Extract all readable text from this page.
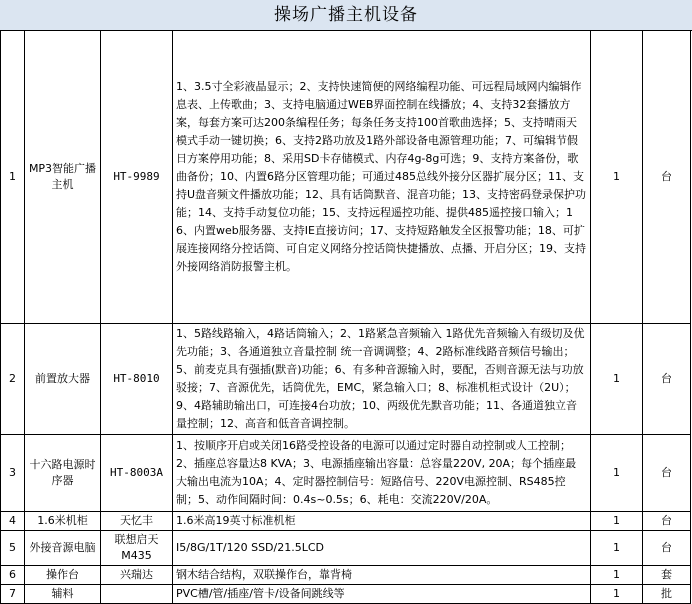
操场广播主机设备
1	MP3智能广播主机	HT-9989	1、3.5寸全彩液晶显示；2、支持快速简便的网络编程功能、可远程局域网内编辑作息表、上传歌曲；3、支持电脑通过WEB界面控制在线播放；4、支持32套播放方案，每套方案可达200条编程任务；每条任务支持100首歌曲选择；5、支持晴雨天模式手动一键切换；6、支持2路功放及1路外部设备电源管理功能；7、可编辑节假日方案停用功能；8、采用SD卡存储模式、内存4g-8g可选；9、支持方案备份，歌曲备份；10、内置6路分区管理功能；可通过485总线外接分区器扩展分区；11、支持U盘音频文件播放功能；12、具有话筒默音、混音功能；13、支持密码登录保护功能；14、支持手动复位功能；15、支持远程遥控功能、提供485遥控接口输入；16、内置web服务器、支持IE直接访问；17、支持短路触发全区报警功能；18、可扩展连接网络分控话筒、可自定义网络分控话筒快捷播放、点播、开启分区；19、支持外接网络消防报警主机。	1	台
2	前置放大器	HT-8010	1、5路线路输入，4路话筒输入；2、1路紧急音频输入 1路优先音频输入有级切及优先功能；3、各通道独立音量控制 统一音调调整；4、2路标准线路音频信号输出；5、前麦克具有强插(默音)功能；6、有多种音源输入时，要配，否则音源无法与功放驳接；7、音源优先，话筒优先，EMC，紧急输入口；8、标准机柜式设计（2U）；9、4路辅助输出口，可连接4台功放；10、两级优先默音功能；11、各通道独立音量控制；12、高音和低音音调控制。	1	台
3	十六路电源时序器	HT-8003A	1、按顺序开启或关闭16路受控设备的电源可以通过定时器自动控制或人工控制；2、插座总容量达8 KVA；3、电源插座输出容量：总容量220V, 20A；每个插座最大输出电流为10A；4、定时器控制信号：短路信号、220V电源控制、RS485控制；5、动作间隔时间：0.4s~0.5s；6、耗电：交流220V/20A。	1	台
4	1.6米机柜	天忆丰	1.6米高19英寸标准机柜	1	台
5	外接音源电脑	联想启天 M435	I5/8G/1T/120 SSD/21.5LCD	1	台
6	操作台	兴瑞达	钢木结合结构，双联操作台，靠背椅	1	套
7	辅料		PVC槽/管/插座/管卡/设备间跳线等	1	批
